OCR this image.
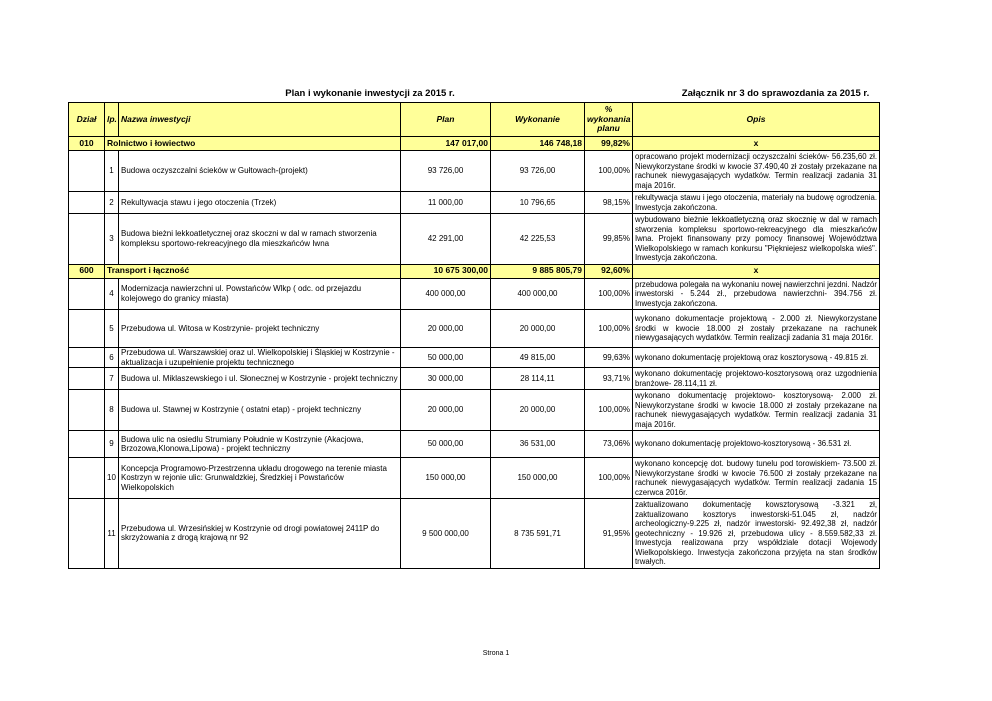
Plan i wykonanie inwestycji za 2015 r.	Załącznik nr 3 do sprawozdania za 2015 r.
Dział	lp.	Nazwa inwestycji	Plan	Wykonanie	% wykonania planu	Opis
010	Rolnictwo i łowiectwo		147 017,00	146 748,18	99,82%	x
	1	Budowa oczyszczalni ścieków w Gułtowach-(projekt)	93 726,00	93 726,00	100,00%	opracowano projekt modernizacji oczyszczalni ścieków- 56.235,60 zł. Niewykorzystane środki w kwocie 37.490,40 zł zostały przekazane na rachunek niewygasających wydatków. Termin realizacji zadania 31 maja 2016r.
	2	Rekultywacja stawu i jego otoczenia (Trzek)	11 000,00	10 796,65	98,15%	rekultywacja stawu i jego otoczenia, materiały na budowę ogrodzenia. Inwestycja zakończona.
	3	Budowa bieżni lekkoatletycznej oraz skoczni w dal w ramach stworzenia kompleksu sportowo-rekreacyjnego dla mieszkańców Iwna	42 291,00	42 225,53	99,85%	wybudowano bieżnie lekkoatletyczną oraz skocznię w dal w ramach stworzenia kompleksu sportowo-rekreacyjnego dla mieszkańców Iwna. Projekt finansowany przy pomocy finansowej Województwa Wielkopolskiego w ramach konkursu "Piękniejesz wielkopolska wieś". Inwestycja zakończona.
600	Transport i łączność		10 675 300,00	9 885 805,79	92,60%	x
	4	Modernizacja nawierzchni ul. Powstańców Wlkp ( odc. od przejazdu kolejowego do granicy miasta)	400 000,00	400 000,00	100,00%	przebudowa polegała na wykonaniu nowej nawierzchni jezdni. Nadzór inwestorski - 5.244 zł., przebudowa nawierzchni- 394.756 zł. Inwestycja zakończona.
	5	Przebudowa ul. Witosa w Kostrzynie- projekt techniczny	20 000,00	20 000,00	100,00%	wykonano dokumentacje projektową - 2.000 zł. Niewykorzystane środki w kwocie 18.000 zł zostały przekazane na rachunek niewygasających wydatków. Termin realizacji zadania 31 maja 2016r.
	6	Przebudowa ul. Warszawskiej oraz ul. Wielkopolskiej i Śląskiej w Kostrzynie - aktualizacja i uzupełnienie projektu technicznego	50 000,00	49 815,00	99,63%	wykonano dokumentację projektową oraz kosztorysową - 49.815 zł.
	7	Budowa ul. Miklaszewskiego i ul. Słonecznej w Kostrzynie - projekt techniczny	30 000,00	28 114,11	93,71%	wykonano dokumentację projektowo-kosztorysową oraz uzgodnienia branżowe- 28.114,11 zł.
	8	Budowa ul. Stawnej w Kostrzynie ( ostatni etap) - projekt techniczny	20 000,00	20 000,00	100,00%	wykonano dokumentację projektowo- kosztorysową- 2.000 zł. Niewykorzystane środki w kwocie 18.000 zł zostały przekazane na rachunek niewygasających wydatków. Termin realizacji zadania 31 maja 2016r.
	9	Budowa ulic na osiedlu Strumiany Południe w Kostrzynie (Akacjowa, Brzozowa,Klonowa,Lipowa) - projekt techniczny	50 000,00	36 531,00	73,06%	wykonano dokumentację projektowo-kosztorysową - 36.531 zł.
	10	Koncepcja Programowo-Przestrzenna układu drogowego na terenie miasta Kostrzyn w rejonie ulic: Grunwaldzkiej, Średzkiej i Powstańców Wielkopolskich	150 000,00	150 000,00	100,00%	wykonano koncepcję dot. budowy tunelu pod torowiskiem- 73.500 zł. Niewykorzystane środki w kwocie 76.500 zł zostały przekazane na rachunek niewygasających wydatków. Termin realizacji zadania 15 czerwca 2016r.
	11	Przebudowa ul. Wrzesińskiej w Kostrzynie od drogi powiatowej 2411P do skrzyżowania z drogą krajową nr 92	9 500 000,00	8 735 591,71	91,95%	zaktualizowano dokumentację kowsztorysową -3.321 zł, zaktualizowano kosztorys inwestorski-51.045 zł, nadzór archeologiczny-9.225 zł, nadzór inwestorski- 92.492,38 zł, nadzór geotechniczny - 19.926 zł, przebudowa ulicy - 8.559.582,33 zł. Inwestycja realizowana przy współdziale dotacji Wojewody Wielkopolskiego. Inwestycja zakończona przyjęta na stan środków trwałych.
Strona 1
